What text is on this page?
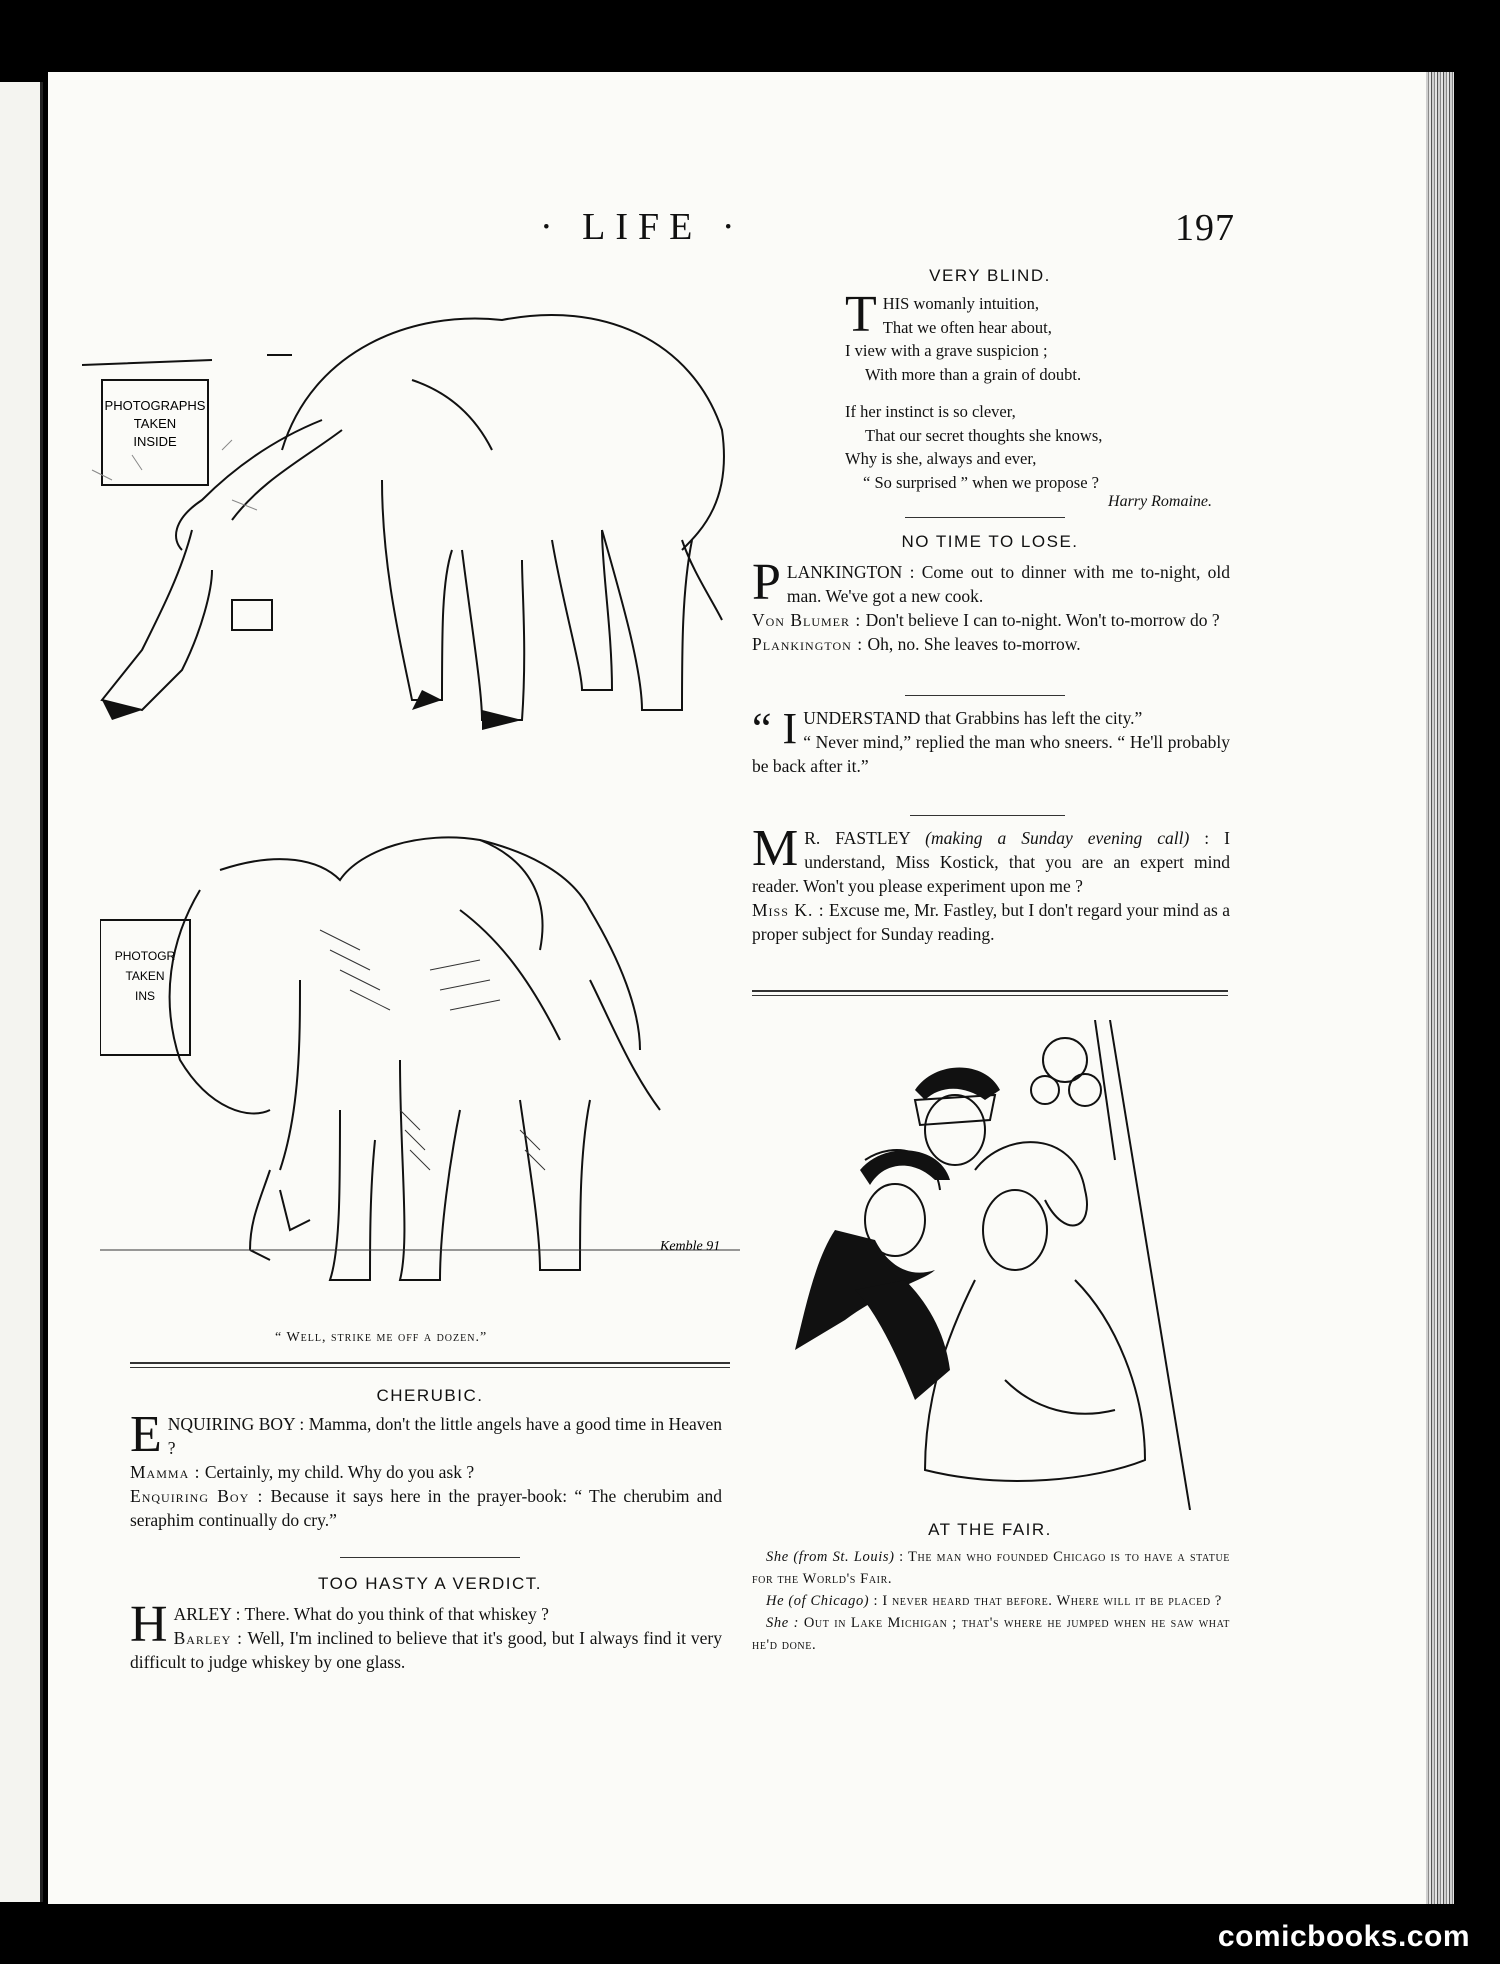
· LIFE ·	197
PHOTOGRAPHS
TAKEN
INSIDE
PHOTOGR
TAKEN
INS
Kemble 91
“ Well, strike me off a dozen.”
CHERUBIC.
E NQUIRING BOY : Mamma, don't the little angels have a good time in Heaven ?
Mamma : Certainly, my child. Why do you ask ?
Enquiring Boy : Because it says here in the prayer-book: “ The cherubim and seraphim continually do cry.”
TOO HASTY A VERDICT.
H ARLEY : There. What do you think of that whiskey ?
Barley : Well, I'm inclined to believe that it's good, but I always find it very difficult to judge whiskey by one glass.
VERY BLIND.
T HIS womanly intuition,
That we often hear about,
I view with a grave suspicion ;
With more than a grain of doubt.
If her instinct is so clever,
That our secret thoughts she knows,
Why is she, always and ever,
“ So surprised ” when we propose ?
Harry Romaine.
NO TIME TO LOSE.
P LANKINGTON : Come out to dinner with me to-night, old man. We've got a new cook.
Von Blumer : Don't believe I can to-night. Won't to-morrow do ?
Plankington : Oh, no. She leaves to-morrow.
“ I UNDERSTAND that Grabbins has left the city.”
“ Never mind,” replied the man who sneers. “ He'll probably be back after it.”
M R. FASTLEY (making a Sunday evening call) : I understand, Miss Kostick, that you are an expert mind reader. Won't you please experiment upon me ?
Miss K. : Excuse me, Mr. Fastley, but I don't regard your mind as a proper subject for Sunday reading.
AT THE FAIR.
She (from St. Louis) : The man who founded Chicago is to have a statue for the World's Fair.
He (of Chicago) : I never heard that before. Where will it be placed ?
She : Out in Lake Michigan ; that's where he jumped when he saw what he'd done.
comicbooks.com
